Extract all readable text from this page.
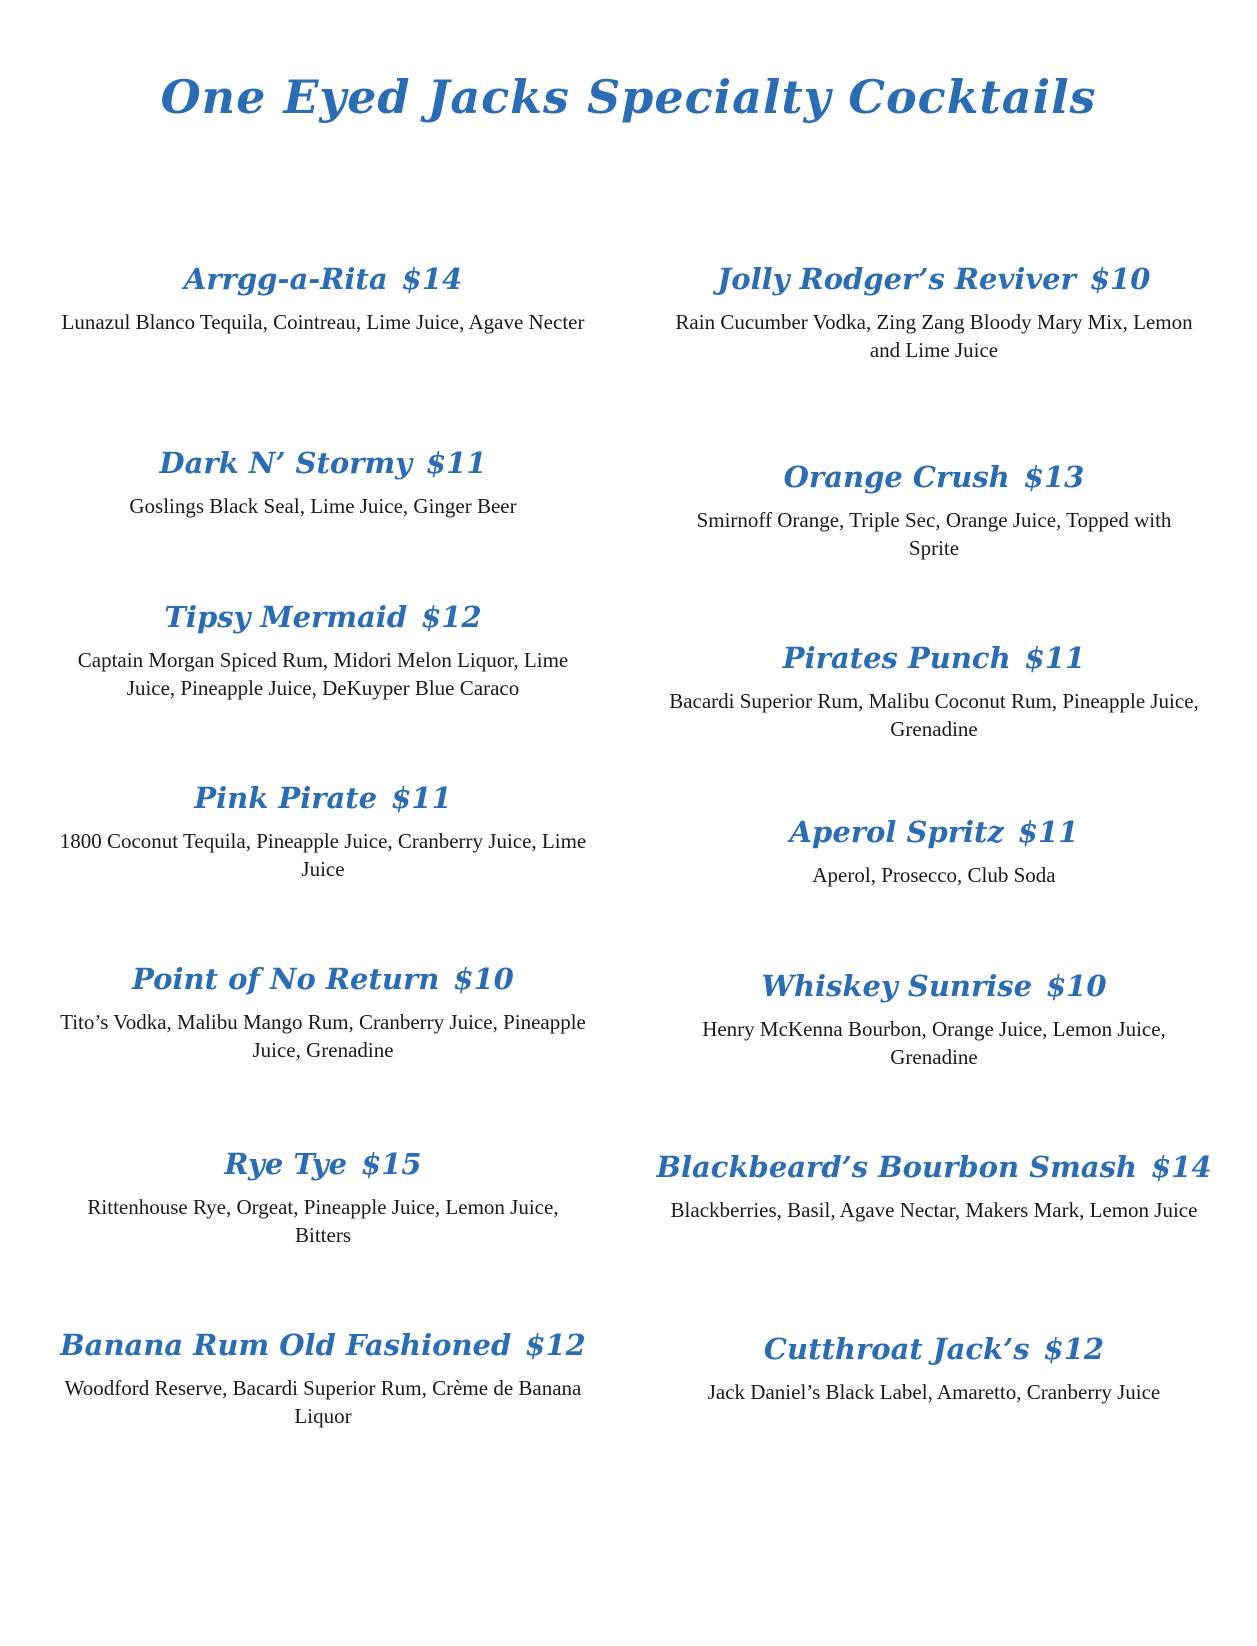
One Eyed Jacks Specialty Cocktails
Arrgg-a-Rita $14
Lunazul Blanco Tequila, Cointreau, Lime Juice, Agave Necter
Dark N’ Stormy $11
Goslings Black Seal, Lime Juice, Ginger Beer
Tipsy Mermaid $12
Captain Morgan Spiced Rum, Midori Melon Liquor, Lime Juice, Pineapple Juice, DeKuyper Blue Caraco
Pink Pirate $11
1800 Coconut Tequila, Pineapple Juice, Cranberry Juice, Lime Juice
Point of No Return $10
Tito’s Vodka, Malibu Mango Rum, Cranberry Juice, Pineapple Juice, Grenadine
Rye Tye $15
Rittenhouse Rye, Orgeat, Pineapple Juice, Lemon Juice, Bitters
Banana Rum Old Fashioned $12
Woodford Reserve, Bacardi Superior Rum, Crème de Banana Liquor
Jolly Rodger’s Reviver $10
Rain Cucumber Vodka, Zing Zang Bloody Mary Mix, Lemon and Lime Juice
Orange Crush $13
Smirnoff Orange, Triple Sec, Orange Juice, Topped with Sprite
Pirates Punch $11
Bacardi Superior Rum, Malibu Coconut Rum, Pineapple Juice, Grenadine
Aperol Spritz $11
Aperol, Prosecco, Club Soda
Whiskey Sunrise $10
Henry McKenna Bourbon, Orange Juice, Lemon Juice, Grenadine
Blackbeard’s Bourbon Smash $14
Blackberries, Basil, Agave Nectar, Makers Mark, Lemon Juice
Cutthroat Jack’s $12
Jack Daniel’s Black Label, Amaretto, Cranberry Juice
